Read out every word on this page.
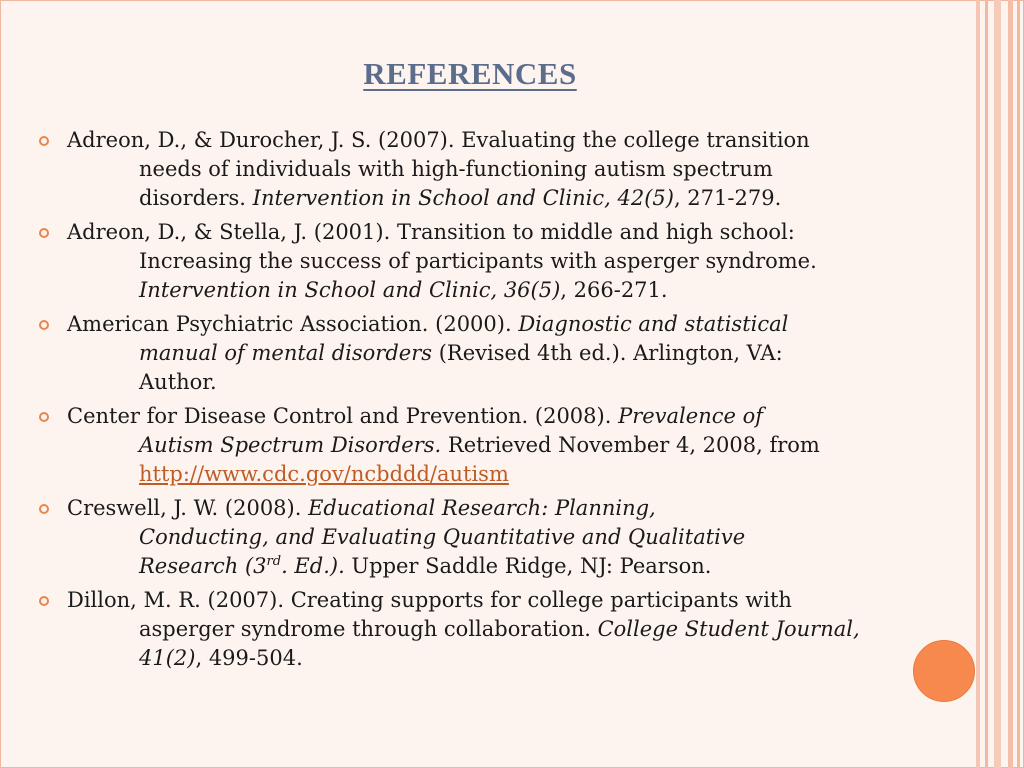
REFERENCES
Adreon, D., & Durocher, J. S. (2007). Evaluating the college transition
needs of individuals with high-functioning autism spectrum
disorders. Intervention in School and Clinic, 42(5), 271-279.
Adreon, D., & Stella, J. (2001). Transition to middle and high school:
Increasing the success of participants with asperger syndrome.
Intervention in School and Clinic, 36(5), 266-271.
American Psychiatric Association. (2000). Diagnostic and statistical
manual of mental disorders (Revised 4th ed.). Arlington, VA:
Author.
Center for Disease Control and Prevention. (2008). Prevalence of
Autism Spectrum Disorders. Retrieved November 4, 2008, from
http://www.cdc.gov/ncbddd/autism
Creswell, J. W. (2008). Educational Research: Planning,
Conducting, and Evaluating Quantitative and Qualitative
Research (3rd. Ed.). Upper Saddle Ridge, NJ: Pearson.
Dillon, M. R. (2007). Creating supports for college participants with
asperger syndrome through collaboration. College Student Journal,
41(2), 499-504.
